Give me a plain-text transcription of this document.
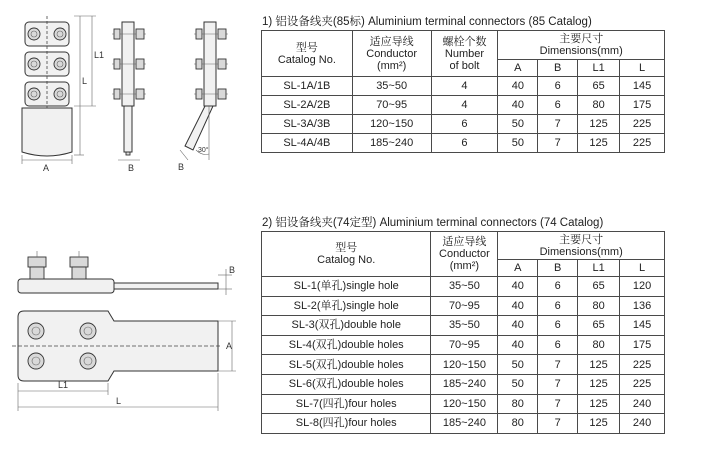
A
L
L1
B
30°
B
B
A
L1
L
1) 铝设备线夹(85标) Aluminium terminal connectors (85 Catalog)
型号
Catalog No.	适应导线
Conductor
(mm²)	螺栓个数
Number
of bolt	主要尺寸
Dimensions(mm)			

			A	B	L1	L
SL-1A/1B	35~50	4	40	6	65	145
SL-2A/2B	70~95	4	40	6	80	175
SL-3A/3B	120~150	6	50	7	125	225
SL-4A/4B	185~240	6	50	7	125	225
2) 铝设备线夹(74定型) Aluminium terminal connectors (74 Catalog)
型号
Catalog No.	适应导线
Conductor
(mm²)	主要尺寸
Dimensions(mm)			

		A	B	L1	L
SL-1(单孔)single hole	35~50	40	6	65	120
SL-2(单孔)single hole	70~95	40	6	80	136
SL-3(双孔)double hole	35~50	40	6	65	145
SL-4(双孔)double holes	70~95	40	6	80	175
SL-5(双孔)double holes	120~150	50	7	125	225
SL-6(双孔)double holes	185~240	50	7	125	225
SL-7(四孔)four holes	120~150	80	7	125	240
SL-8(四孔)four holes	185~240	80	7	125	240
